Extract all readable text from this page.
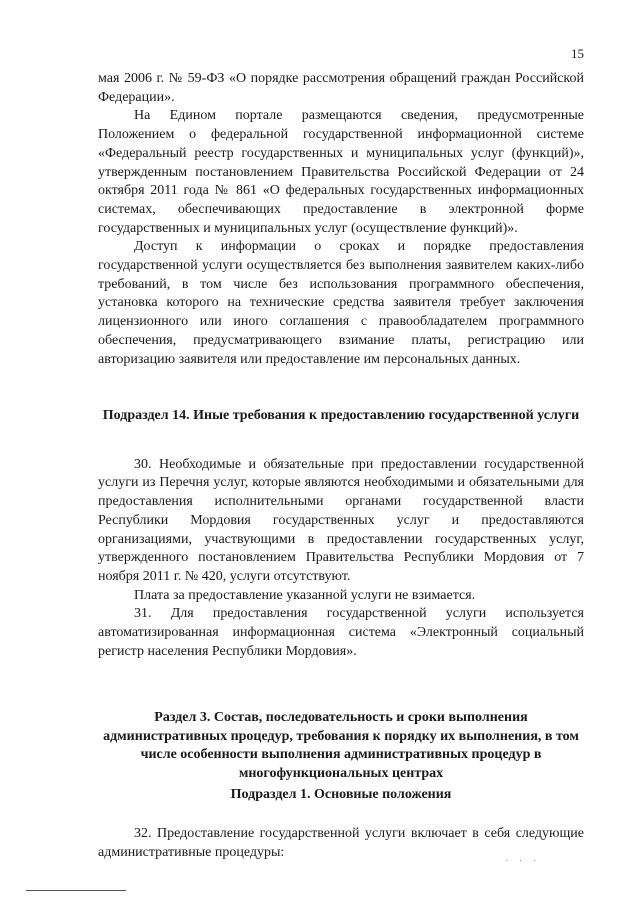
15

мая 2006 г. № 59-ФЗ «О порядке рассмотрения обращений граждан Российской Федерации».

На Едином портале размещаются сведения, предусмотренные Положением о федеральной государственной информационной системе «Федеральный реестр государственных и муниципальных услуг (функций)», утвержденным постановлением Правительства Российской Федерации от 24 октября 2011 года № 861 «О федеральных государственных информационных системах, обеспечивающих предоставление в электронной форме государственных и муниципальных услуг (осуществление функций)».

Доступ к информации о сроках и порядке предоставления государственной услуги осуществляется без выполнения заявителем каких-либо требований, в том числе без использования программного обеспечения, установка которого на технические средства заявителя требует заключения лицензионного или иного соглашения с правообладателем программного обеспечения, предусматривающего взимание платы, регистрацию или авторизацию заявителя или предоставление им персональных данных.

Подраздел 14. Иные требования к предоставлению государственной услуги

30. Необходимые и обязательные при предоставлении государственной услуги из Перечня услуг, которые являются необходимыми и обязательными для предоставления исполнительными органами государственной власти Республики Мордовия государственных услуг и предоставляются организациями, участвующими в предоставлении государственных услуг, утвержденного постановлением Правительства Республики Мордовия от 7 ноября 2011 г. № 420, услуги отсутствуют.

Плата за предоставление указанной услуги не взимается.

31. Для предоставления государственной услуги используется автоматизированная информационная система «Электронный социальный регистр населения Республики Мордовия».

Раздел 3. Состав, последовательность и сроки выполнения административных процедур, требования к порядку их выполнения, в том числе особенности выполнения административных процедур в многофункциональных центрах
Подраздел 1. Основные положения

32. Предоставление государственной услуги включает в себя следующие административные процедуры:

· · ·
